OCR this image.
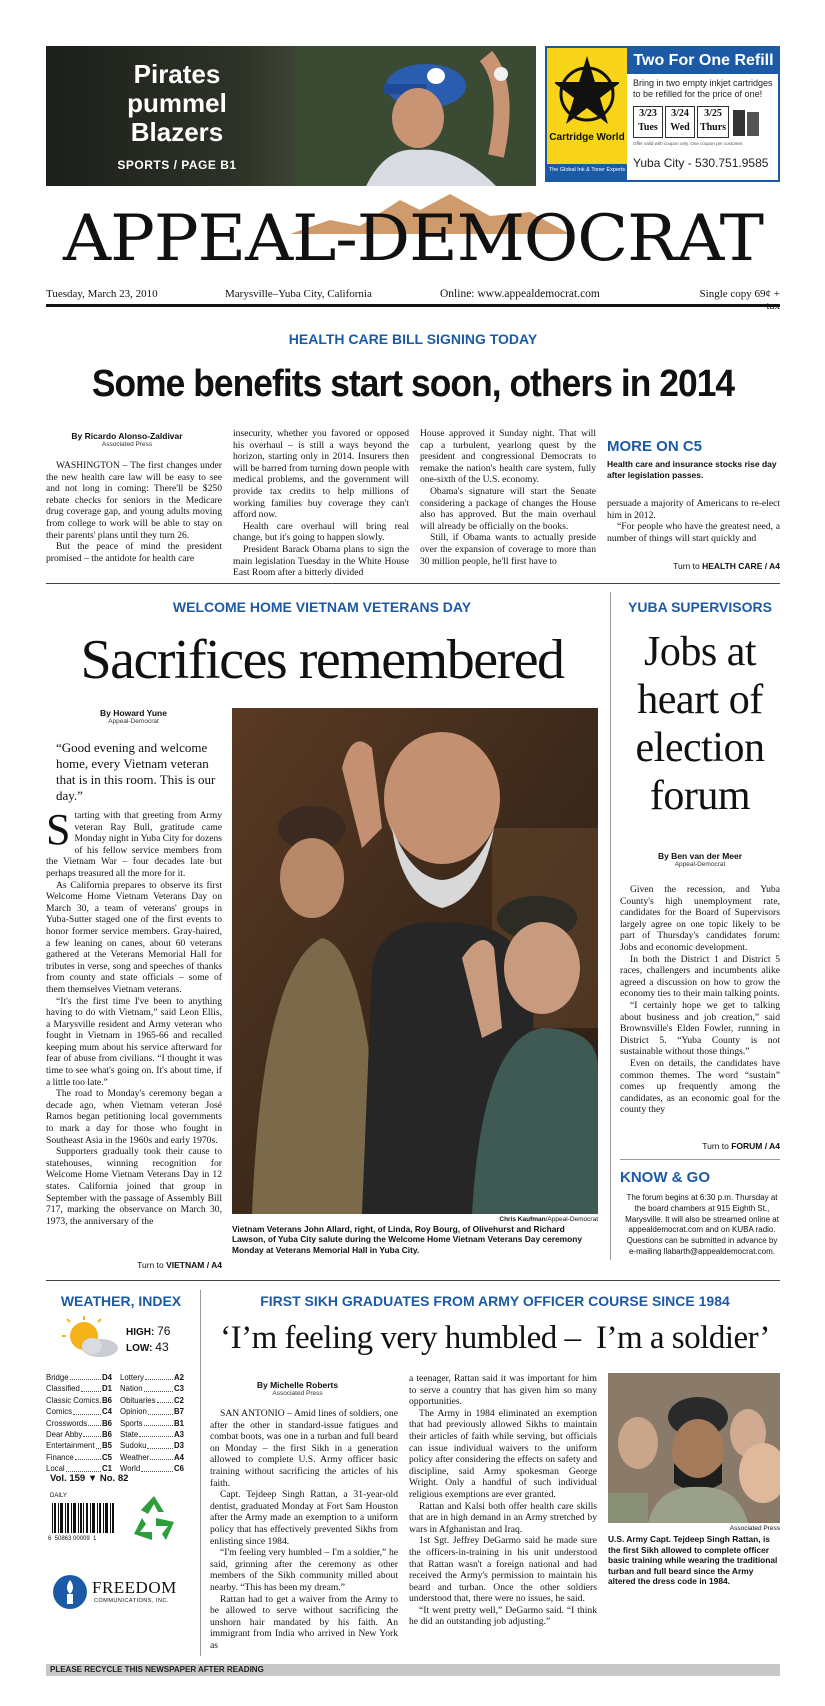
Pirates
pummel
Blazers
SPORTS / PAGE B1
Cartridge World
The Global Ink & Toner Experts
Two For One Refill
Bring in two empty inkjet cartridges to be refilled for the price of one!
3/23
Tues
3/24
Wed
3/25
Thurs
Offer valid with coupon only. One coupon per customer.
Yuba City - 530.751.9585
APPEAL-DEMOCRAT
Tuesday, March 23, 2010	Marysville–Yuba City, California	Online: www.appealdemocrat.com	Single copy 69¢ +
HEALTH CARE BILL SIGNING TODAY
Some benefits start soon, others in 2014
By Ricardo Alonso-Zaldivar
Associated Press

WASHINGTON – The first changes under the new health care law will be easy to see and not long in coming: There'll be $250 rebate checks for seniors in the Medicare drug coverage gap, and young adults moving from college to work will be able to stay on their parents' plans until they turn 26.

But the peace of mind the president promised – the antidote for health care

insecurity, whether you favored or opposed his overhaul – is still a ways beyond the horizon, starting only in 2014. Insurers then will be barred from turning down people with medical problems, and the government will provide tax credits to help millions of working families buy coverage they can't afford now.

Health care overhaul will bring real change, but it's going to happen slowly.

President Barack Obama plans to sign the main legislation Tuesday in the White House East Room after a bitterly divided

House approved it Sunday night. That will cap a turbulent, yearlong quest by the president and congressional Democrats to remake the nation's health care system, fully one-sixth of the U.S. economy.

Obama's signature will start the Senate considering a package of changes the House also has approved. But the main overhaul will already be officially on the books.

Still, if Obama wants to actually preside over the expansion of coverage to more than 30 million people, he'll first have to

MORE ON C5
Health care and insurance stocks rise day after legislation passes.

persuade a majority of Americans to re-elect him in 2012.

“For people who have the greatest need, a number of things will start quickly and

Turn to HEALTH CARE / A4
WELCOME HOME VIETNAM VETERANS DAY
Sacrifices remembered
By Howard Yune
Appeal-Democrat
“Good evening and welcome home, every Vietnam veteran that is in this room. This is our day.”
S tarting with that greeting from Army veteran Ray Bull, gratitude came Monday night in Yuba City for dozens of his fellow service members from the Vietnam War – four decades late but perhaps treasured all the more for it.

As California prepares to observe its first Welcome Home Vietnam Veterans Day on March 30, a team of veterans' groups in Yuba-Sutter staged one of the first events to honor former service members. Gray-haired, a few leaning on canes, about 60 veterans gathered at the Veterans Memorial Hall for tributes in verse, song and speeches of thanks from county and state officials – some of them themselves Vietnam veterans.

“It's the first time I've been to anything having to do with Vietnam,” said Leon Ellis, a Marysville resident and Army veteran who fought in Vietnam in 1965-66 and recalled keeping mum about his service afterward for fear of abuse from civilians. “I thought it was time to see what's going on. It's about time, if a little too late.”

The road to Monday's ceremony began a decade ago, when Vietnam veteran José Ramos began petitioning local governments to mark a day for those who fought in Southeast Asia in the 1960s and early 1970s.

Supporters gradually took their cause to statehouses, winning recognition for Welcome Home Vietnam Veterans Day in 12 states. California joined that group in September with the passage of Assembly Bill 717, marking the observance on March 30, 1973, the anniversary of the

Turn to VIETNAM / A4
Chris Kaufman/Appeal-Democrat
Vietnam Veterans John Allard, right, of Linda, Roy Bourg, of Olivehurst and Richard Lawson, of Yuba City salute during the Welcome Home Vietnam Veterans Day ceremony Monday at Veterans Memorial Hall in Yuba City.
YUBA SUPERVISORS
Jobs at
heart of
election
forum
By Ben van der Meer
Appeal-Democrat

Given the recession, and Yuba County's high unemployment rate, candidates for the Board of Supervisors largely agree on one topic likely to be part of Thursday's candidates forum: Jobs and economic development.

In both the District 1 and District 5 races, challengers and incumbents alike agreed a discussion on how to grow the economy ties to their main talking points.

“I certainly hope we get to talking about business and job creation,” said Brownsville's Elden Fowler, running in District 5. “Yuba County is not sustainable without those things.”

Even on details, the candidates have common themes. The word “sustain” comes up frequently among the candidates, as an economic goal for the county they

Turn to FORUM / A4
KNOW & GO
The forum begins at 6:30 p.m. Thursday at the board chambers at 915 Eighth St., Marysville. It will also be streamed online at appealdemocrat.com and on KUBA radio. Questions can be submitted in advance by e-mailing llabarth@appealdemocrat.com.
WEATHER, INDEX
HIGH: 76
LOW: 43
Bridge	D4
Classified	D1
Classic Comics B6
Comics	C4
Crosswords B6
Dear Abby	B6
Entertainment B5
Finance	C5
Local	C1
Lottery	A2
Nation	C3
Obituaries C2
Opinion	B7
Sports	B1
State	A3
Sudoku	D3
Weather	A4
World	C6
Vol. 159 ▼ No. 82
DAILY
6  50863 00009  1
FREEDOM
COMMUNICATIONS, INC.
FIRST SIKH GRADUATES FROM ARMY OFFICER COURSE SINCE 1984
‘I’m feeling very humbled –  I’m a soldier’
By Michelle Roberts
Associated Press

SAN ANTONIO – Amid lines of soldiers, one after the other in standard-issue fatigues and combat boots, was one in a turban and full beard on Monday – the first Sikh in a generation allowed to complete U.S. Army officer basic training without sacrificing the articles of his faith.

Capt. Tejdeep Singh Rattan, a 31-year-old dentist, graduated Monday at Fort Sam Houston after the Army made an exemption to a uniform policy that has effectively prevented Sikhs from enlisting since 1984.

“I'm feeling very humbled – I'm a soldier,” he said, grinning after the ceremony as other members of the Sikh community milled about nearby. “This has been my dream.”

Rattan had to get a waiver from the Army to be allowed to serve without sacrificing the unshorn hair mandated by his faith. An immigrant from India who arrived in New York as

a teenager, Rattan said it was important for him to serve a country that has given him so many opportunities.

The Army in 1984 eliminated an exemption that had previously allowed Sikhs to maintain their articles of faith while serving, but officials can issue individual waivers to the uniform policy after considering the effects on safety and discipline, said Army spokesman George Wright. Only a handful of such individual religious exemptions are ever granted.

Rattan and Kalsi both offer health care skills that are in high demand in an Army stretched by wars in Afghanistan and Iraq.

1st Sgt. Jeffrey DeGarmo said he made sure the officers-in-training in his unit understood that Rattan wasn't a foreign national and had received the Army's permission to maintain his beard and turban. Once the other soldiers understood that, there were no issues, he said.

“It went pretty well,” DeGarmo said. “I think he did an outstanding job adjusting.”

Associated Press
U.S. Army Capt. Tejdeep Singh Rattan, is the first Sikh allowed to complete officer basic training while wearing the traditional turban and full beard since the Army altered the dress code in 1984.
PLEASE RECYCLE THIS NEWSPAPER AFTER READING
